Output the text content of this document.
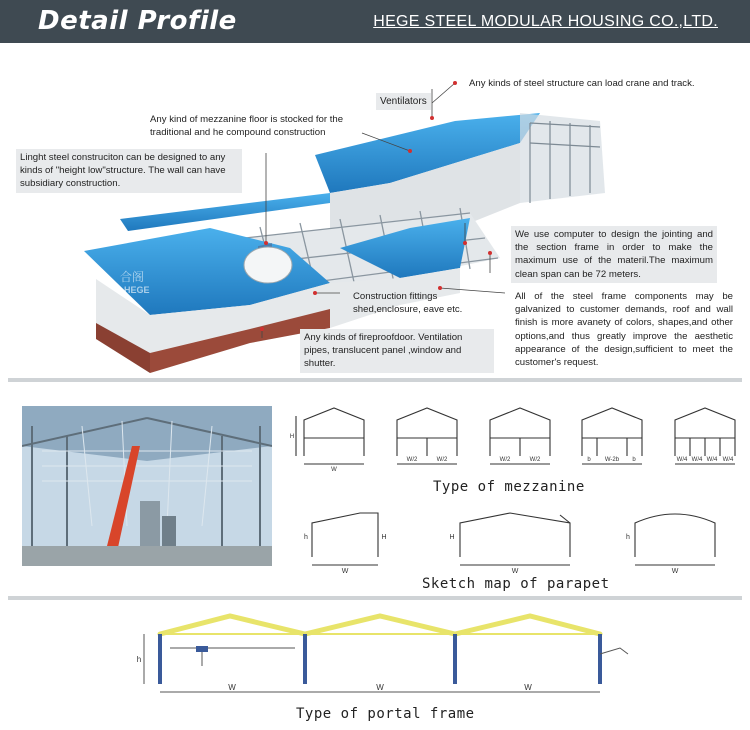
Detail Profile	HEGE STEEL MODULAR HOUSING CO.,LTD.
合阁
HEGE
Any kinds of steel structure can load crane and track.
Ventilators
Any kind of mezzanine floor is stocked for the traditional and he compound construction
Linght steel construciton can be designed to any kinds of "height low"structure. The wall can have subsidiary construction.
We use computer to design the jointing and the section frame in order to make the maximum use of the materil.The maximum clean span can be 72 meters.
Construction fittings shed,enclosure, eave etc.
All of the steel frame components may be galvanized to customer demands, roof and wall finish is more avanety of colors, shapes,and other options,and thus greatly improve the aesthetic appearance of the design,sufficient to meet the customer's request.
Any kinds of fireproofdoor. Ventilation pipes, translucent panel ,window and shutter.
H
W
W/2	W/2	W/2	W/2	b W-2b b	W/4 W/4 W/4 W/4
Type of mezzanine
H
W
h	H
W	W
h
Sketch map of parapet
h
W	W	W
Type of portal frame
